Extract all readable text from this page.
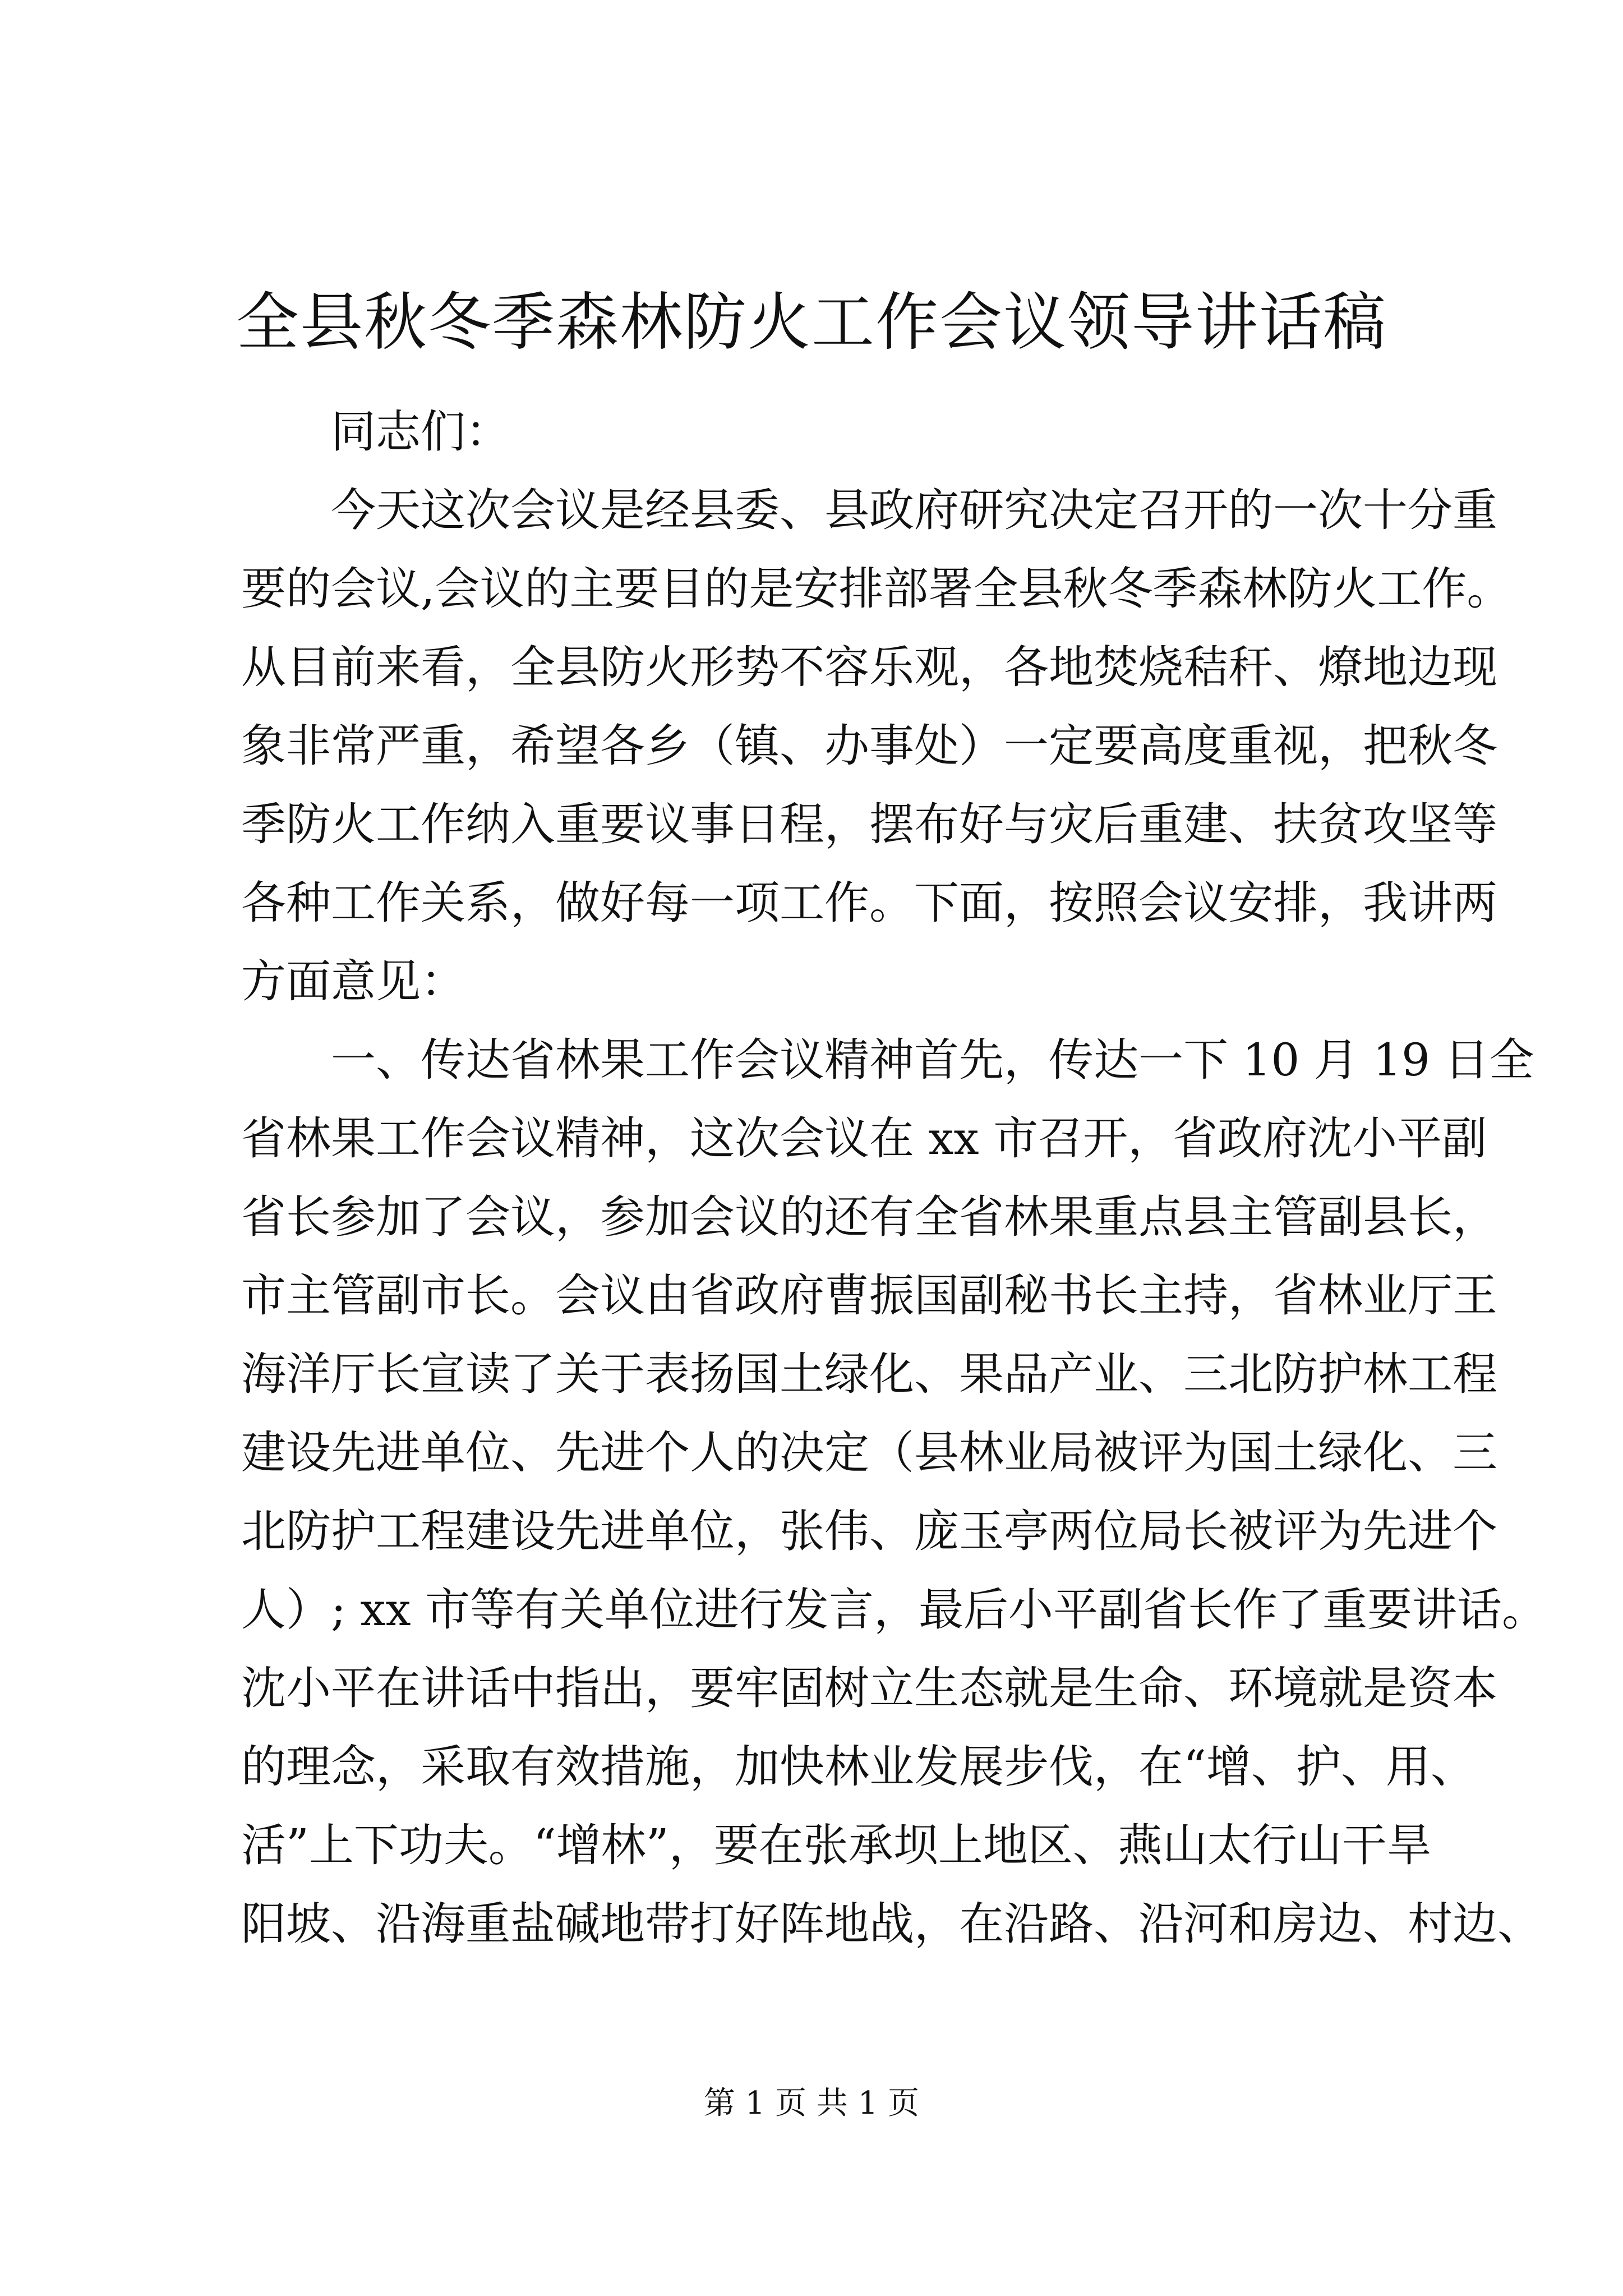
全县秋冬季森林防火工作会议领导讲话稿

同志们：

今天这次会议是经县委、县政府研究决定召开的一次十分重

要的会议,会议的主要目的是安排部署全县秋冬季森林防火工作。

从目前来看，全县防火形势不容乐观，各地焚烧秸秆、燎地边现

象非常严重，希望各乡（镇、办事处）一定要高度重视，把秋冬

季防火工作纳入重要议事日程，摆布好与灾后重建、扶贫攻坚等

各种工作关系，做好每一项工作。下面，按照会议安排，我讲两

方面意见：

一、传达省林果工作会议精神首先，传达一下 10 月 19 日全

省林果工作会议精神，这次会议在 xx 市召开，省政府沈小平副

省长参加了会议，参加会议的还有全省林果重点县主管副县长，

市主管副市长。会议由省政府曹振国副秘书长主持，省林业厅王

海洋厅长宣读了关于表扬国土绿化、果品产业、三北防护林工程

建设先进单位、先进个人的决定（县林业局被评为国土绿化、三

北防护工程建设先进单位，张伟、庞玉亭两位局长被评为先进个

人）; xx 市等有关单位进行发言，最后小平副省长作了重要讲话。

沈小平在讲话中指出，要牢固树立生态就是生命、环境就是资本

的理念，采取有效措施，加快林业发展步伐，在“增、护、用、

活”上下功夫。“增林”，要在张承坝上地区、燕山太行山干旱

阳坡、沿海重盐碱地带打好阵地战，在沿路、沿河和房边、村边、

第 1 页 共 1 页
